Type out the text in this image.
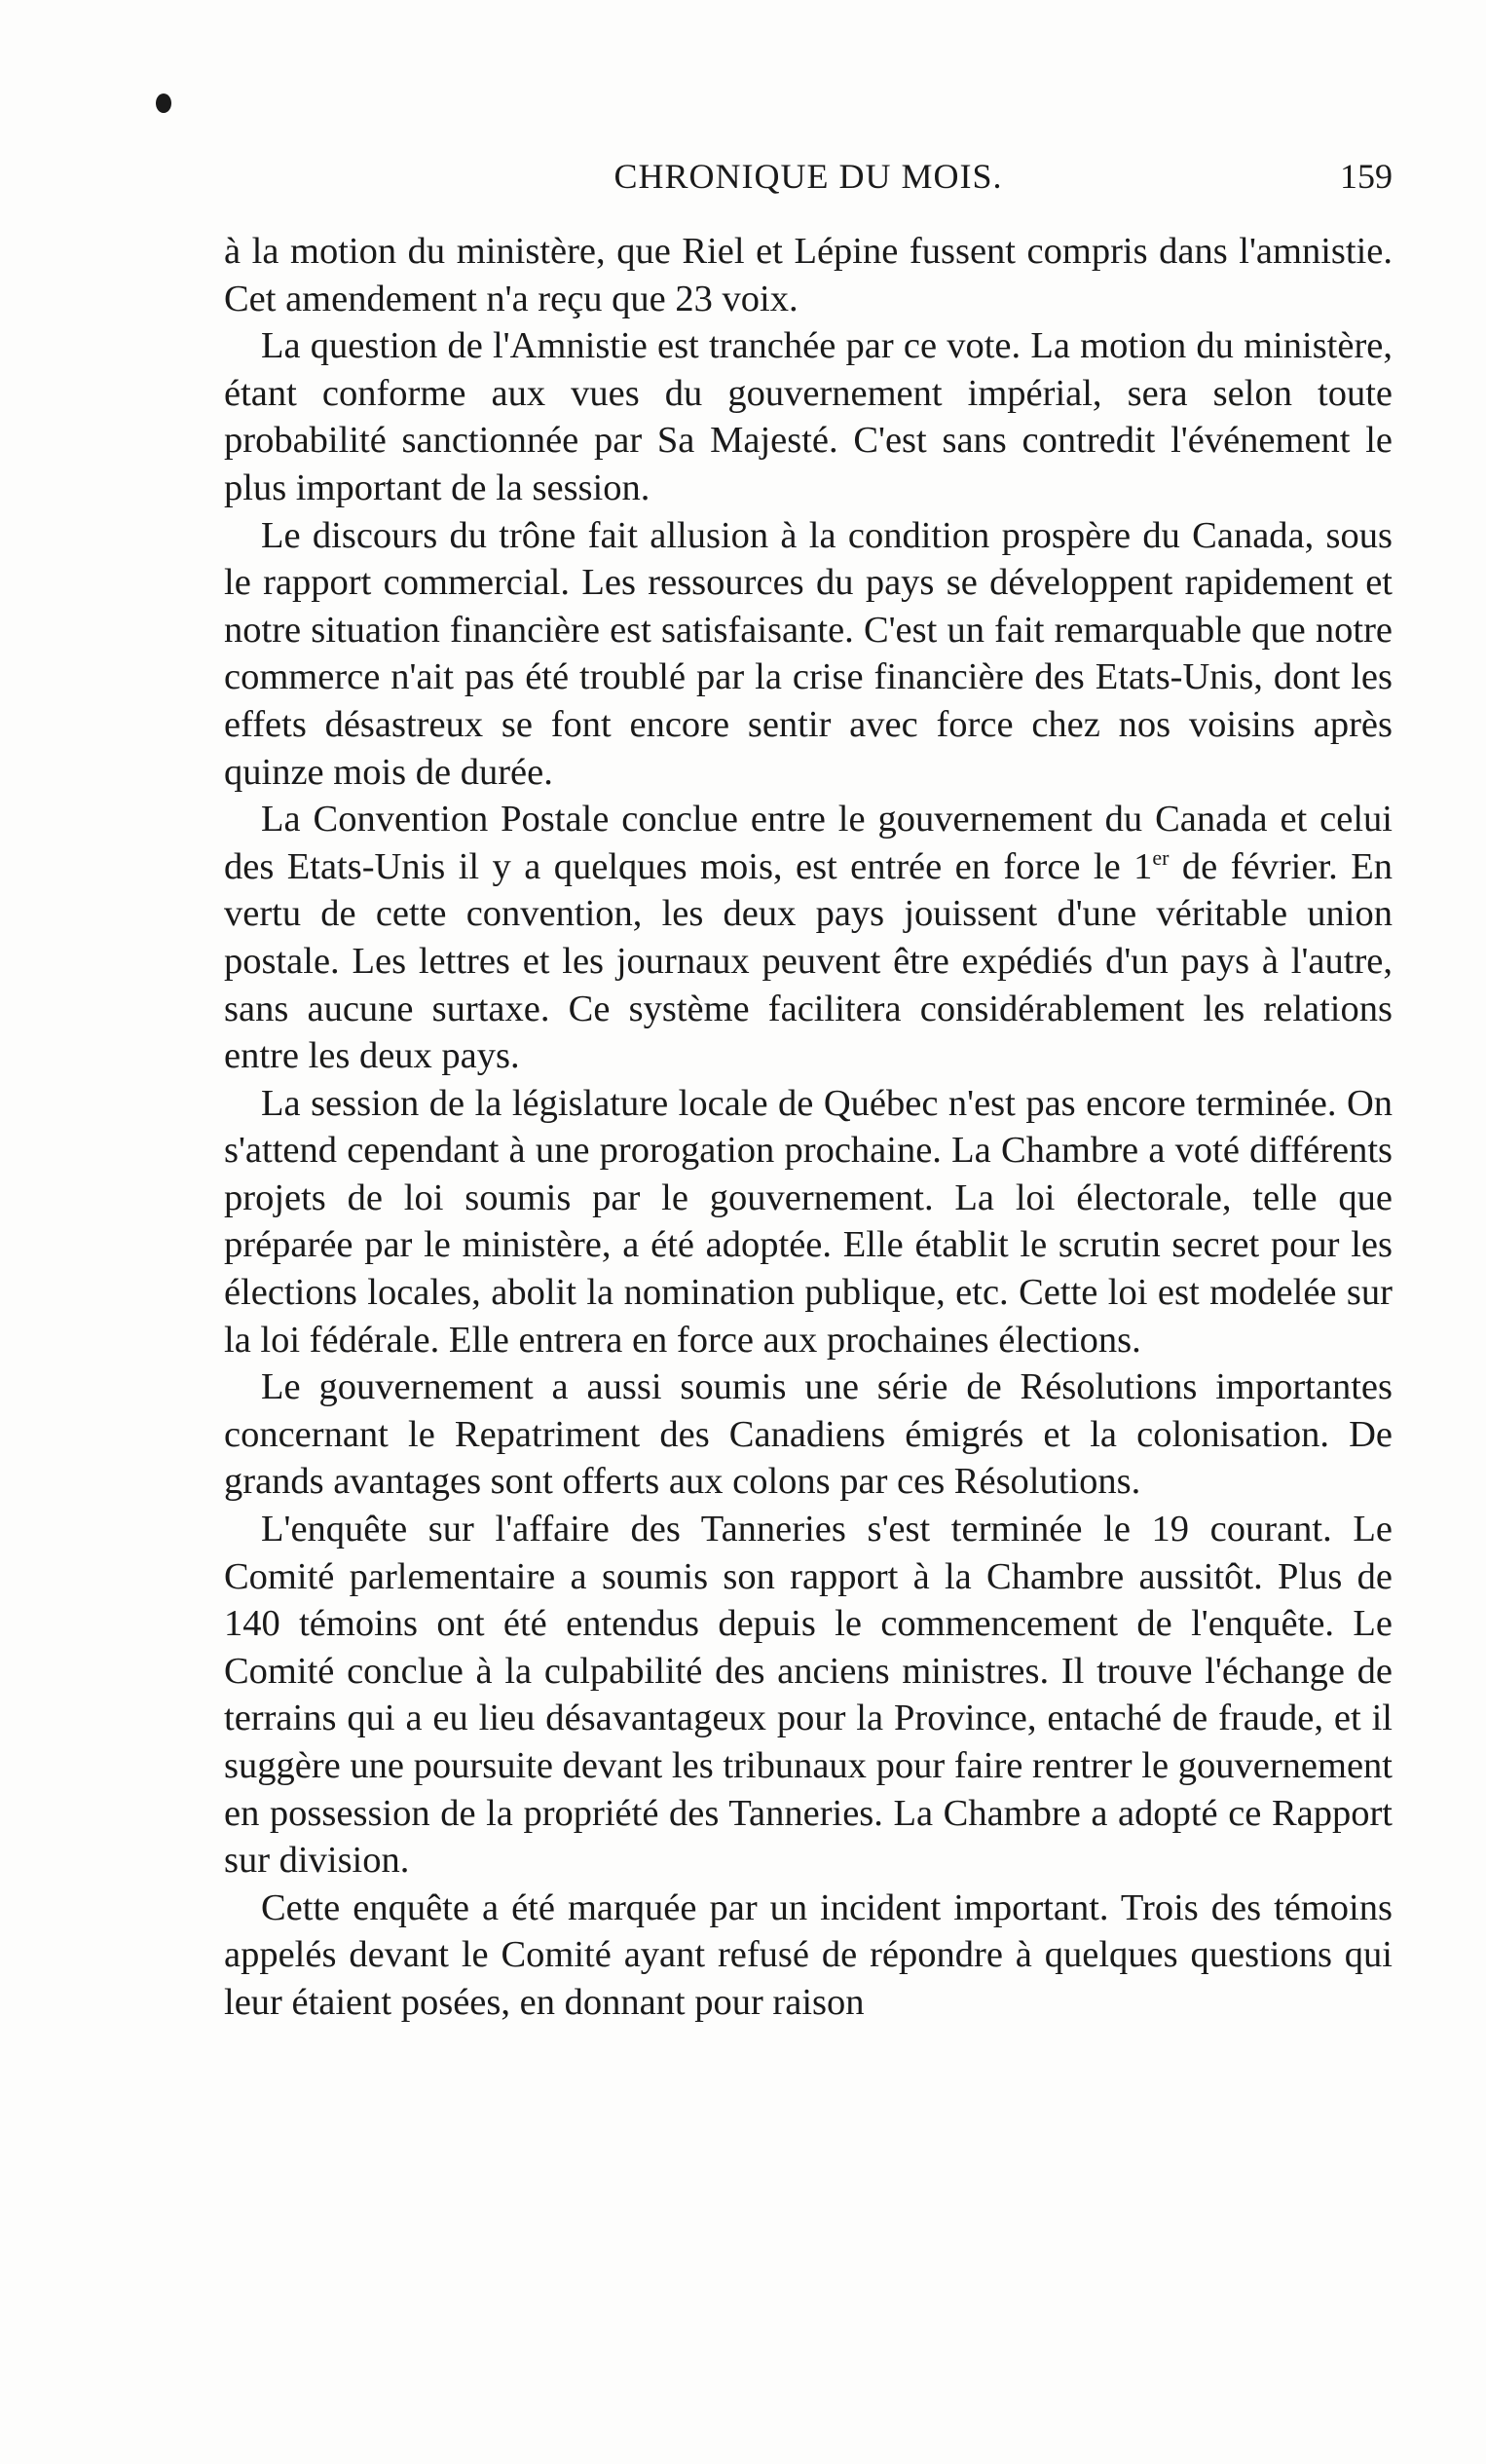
CHRONIQUE DU MOIS.	159

à la motion du ministère, que Riel et Lépine fussent compris dans l'amnistie. Cet amendement n'a reçu que 23 voix.

La question de l'Amnistie est tranchée par ce vote. La motion du ministère, étant conforme aux vues du gouvernement impérial, sera selon toute probabilité sanctionnée par Sa Majesté. C'est sans contredit l'événement le plus important de la session.

Le discours du trône fait allusion à la condition prospère du Canada, sous le rapport commercial. Les ressources du pays se développent rapidement et notre situation financière est satisfaisante. C'est un fait remarquable que notre commerce n'ait pas été troublé par la crise financière des Etats-Unis, dont les effets désastreux se font encore sentir avec force chez nos voisins après quinze mois de durée.

La Convention Postale conclue entre le gouvernement du Canada et celui des Etats-Unis il y a quelques mois, est entrée en force le 1er de février. En vertu de cette convention, les deux pays jouissent d'une véritable union postale. Les lettres et les journaux peuvent être expédiés d'un pays à l'autre, sans aucune surtaxe. Ce système facilitera considérablement les relations entre les deux pays.

La session de la législature locale de Québec n'est pas encore terminée. On s'attend cependant à une prorogation prochaine. La Chambre a voté différents projets de loi soumis par le gouvernement. La loi électorale, telle que préparée par le ministère, a été adoptée. Elle établit le scrutin secret pour les élections locales, abolit la nomination publique, etc. Cette loi est modelée sur la loi fédérale. Elle entrera en force aux prochaines élections.

Le gouvernement a aussi soumis une série de Résolutions importantes concernant le Repatriment des Canadiens émigrés et la colonisation. De grands avantages sont offerts aux colons par ces Résolutions.

L'enquête sur l'affaire des Tanneries s'est terminée le 19 courant. Le Comité parlementaire a soumis son rapport à la Chambre aussitôt. Plus de 140 témoins ont été entendus depuis le commencement de l'enquête. Le Comité conclue à la culpabilité des anciens ministres. Il trouve l'échange de terrains qui a eu lieu désavantageux pour la Province, entaché de fraude, et il suggère une poursuite devant les tribunaux pour faire rentrer le gouvernement en possession de la propriété des Tanneries. La Chambre a adopté ce Rapport sur division.

Cette enquête a été marquée par un incident important. Trois des témoins appelés devant le Comité ayant refusé de répondre à quelques questions qui leur étaient posées, en donnant pour raison
